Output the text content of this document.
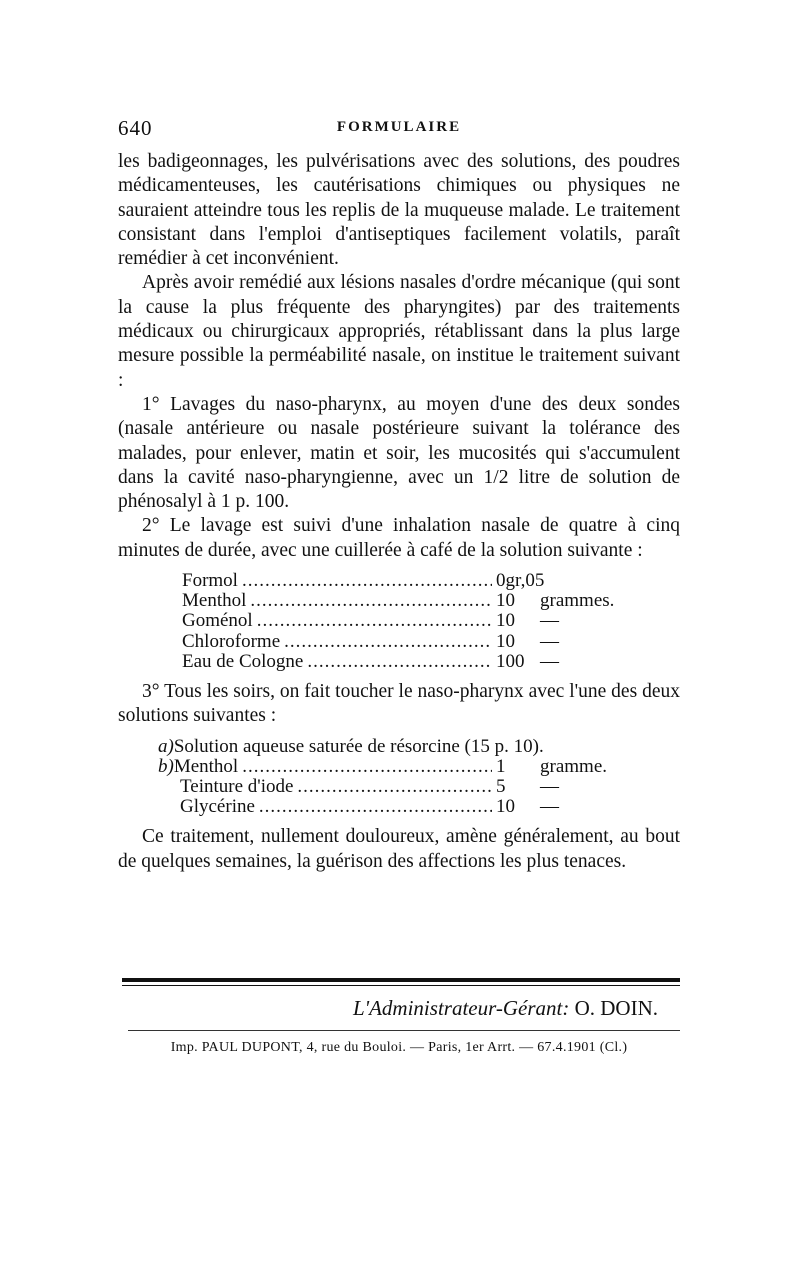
640	FORMULAIRE

les badigeonnages, les pulvérisations avec des solutions, des poudres médicamenteuses, les cautérisations chimiques ou physiques ne sauraient atteindre tous les replis de la muqueuse malade. Le traitement consistant dans l'emploi d'antiseptiques facilement volatils, paraît remédier à cet inconvénient.

Après avoir remédié aux lésions nasales d'ordre mécanique (qui sont la cause la plus fréquente des pharyngites) par des traitements médicaux ou chirurgicaux appropriés, rétablissant dans la plus large mesure possible la perméabilité nasale, on institue le traitement suivant :

1° Lavages du naso-pharynx, au moyen d'une des deux sondes (nasale antérieure ou nasale postérieure suivant la tolérance des malades, pour enlever, matin et soir, les mucosités qui s'accumulent dans la cavité naso-pharyngienne, avec un 1/2 litre de solution de phénosalyl à 1 p. 100.

2° Le lavage est suivi d'une inhalation nasale de quatre à cinq minutes de durée, avec une cuillerée à café de la solution suivante :

Formol .....	0gr,05
Menthol .....	10	grammes.
Goménol .....	10	—
Chloroforme .....	10	—
Eau de Cologne .....	100 —

3° Tous les soirs, on fait toucher le naso-pharynx avec l'une des deux solutions suivantes :

a)Solution aqueuse saturée de résorcine (15 p. 10).
b)Menthol .....	1	gramme.
Teinture d'iode .....	5	—
Glycérine .....	10	—

Ce traitement, nullement douloureux, amène généralement, au bout de quelques semaines, la guérison des affections les plus tenaces.

L'Administrateur-Gérant: O. DOIN.
Imp. PAUL DUPONT, 4, rue du Bouloi. — Paris, 1er Arrt. — 67.4.1901 (Cl.)
